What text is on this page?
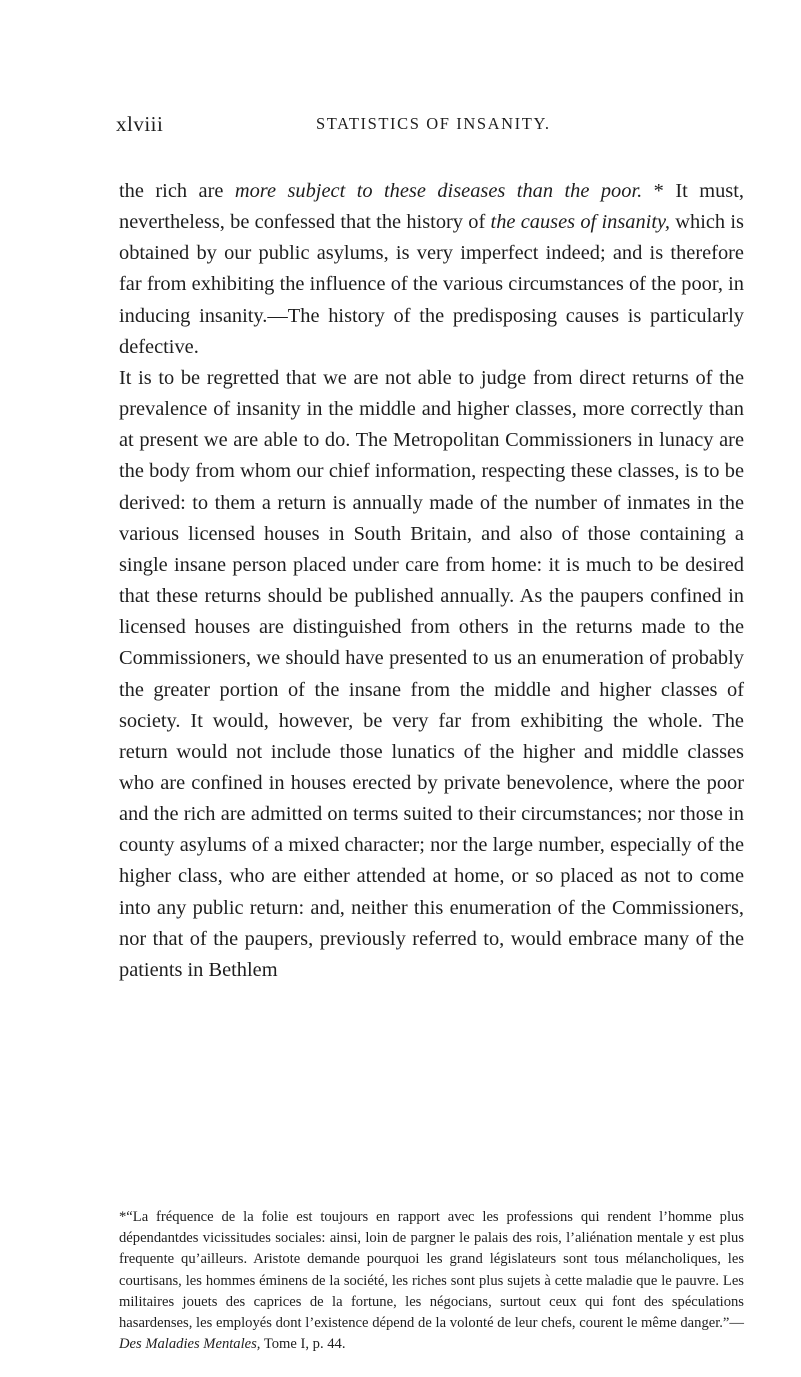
xlviii	STATISTICS OF INSANITY.

the rich are more subject to these diseases than the poor. * It must, nevertheless, be confessed that the history of the causes of insanity, which is obtained by our public asylums, is very imperfect indeed; and is therefore far from exhibiting the influence of the various circumstances of the poor, in inducing insanity.—The history of the predisposing causes is particularly defective.

It is to be regretted that we are not able to judge from direct returns of the prevalence of insanity in the middle and higher classes, more correctly than at present we are able to do. The Metropolitan Commissioners in lunacy are the body from whom our chief information, respecting these classes, is to be derived: to them a return is annually made of the number of inmates in the various licensed houses in South Britain, and also of those containing a single insane person placed under care from home: it is much to be desired that these returns should be published annually. As the paupers confined in licensed houses are distinguished from others in the returns made to the Commissioners, we should have presented to us an enumeration of probably the greater portion of the insane from the middle and higher classes of society. It would, however, be very far from exhibiting the whole. The return would not include those lunatics of the higher and middle classes who are confined in houses erected by private benevolence, where the poor and the rich are admitted on terms suited to their circumstances; nor those in county asylums of a mixed character; nor the large number, especially of the higher class, who are either attended at home, or so placed as not to come into any public return: and, neither this enumeration of the Commissioners, nor that of the paupers, previously referred to, would embrace many of the patients in Bethlem

*“La fréquence de la folie est toujours en rapport avec les professions qui rendent l’homme plus dépendantdes vicissitudes sociales: ainsi, loin de pargner le palais des rois, l’aliénation mentale y est plus frequente qu’ailleurs. Aristote demande pourquoi les grand législateurs sont tous mélancholiques, les courtisans, les hommes éminens de la société, les riches sont plus sujets à cette maladie que le pauvre. Les militaires jouets des caprices de la fortune, les négocians, surtout ceux qui font des spéculations hasardenses, les employés dont l’existence dépend de la volonté de leur chefs, courent le même danger.”—Des Maladies Mentales, Tome I, p. 44.
